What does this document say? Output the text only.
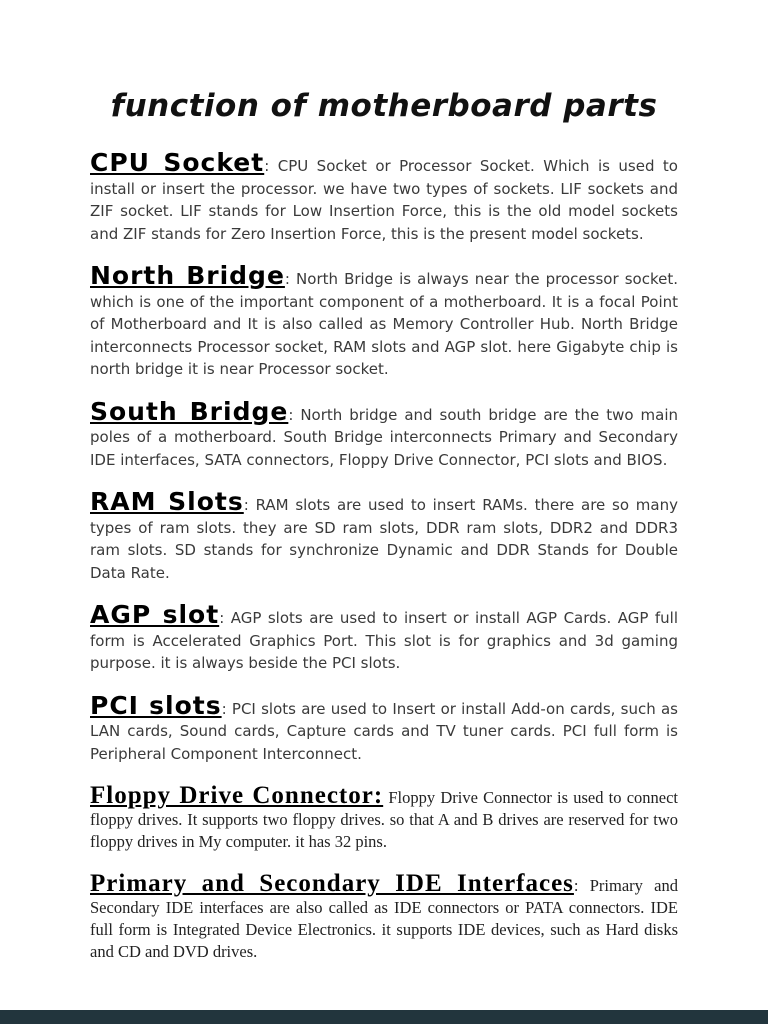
function of motherboard parts

CPU Socket: CPU Socket or Processor Socket. Which is used to install or insert the processor. we have two types of sockets. LIF sockets and ZIF socket. LIF stands for Low Insertion Force, this is the old model sockets and ZIF stands for Zero Insertion Force, this is the present model sockets.

North Bridge: North Bridge is always near the processor socket. which is one of the important component of a motherboard. It is a focal Point of Motherboard and It is also called as Memory Controller Hub. North Bridge interconnects Processor socket, RAM slots and AGP slot. here Gigabyte chip is north bridge it is near Processor socket.

South Bridge: North bridge and south bridge are the two main poles of a motherboard. South Bridge interconnects Primary and Secondary IDE interfaces, SATA connectors, Floppy Drive Connector, PCI slots and BIOS.

RAM Slots: RAM slots are used to insert RAMs. there are so many types of ram slots. they are SD ram slots, DDR ram slots, DDR2 and DDR3 ram slots. SD stands for synchronize Dynamic and DDR Stands for Double Data Rate.

AGP slot: AGP slots are used to insert or install AGP Cards. AGP full form is Accelerated Graphics Port. This slot is for graphics and 3d gaming purpose. it is always beside the PCI slots.

PCI slots: PCI slots are used to Insert or install Add-on cards, such as LAN cards, Sound cards, Capture cards and TV tuner cards. PCI full form is Peripheral Component Interconnect.

Floppy Drive Connector: Floppy Drive Connector is used to connect floppy drives. It supports two floppy drives. so that A and B drives are reserved for two floppy drives in My computer. it has 32 pins.

Primary and Secondary IDE Interfaces: Primary and Secondary IDE interfaces are also called as IDE connectors or PATA connectors. IDE full form is Integrated Device Electronics. it supports IDE devices, such as Hard disks and CD and DVD drives.
